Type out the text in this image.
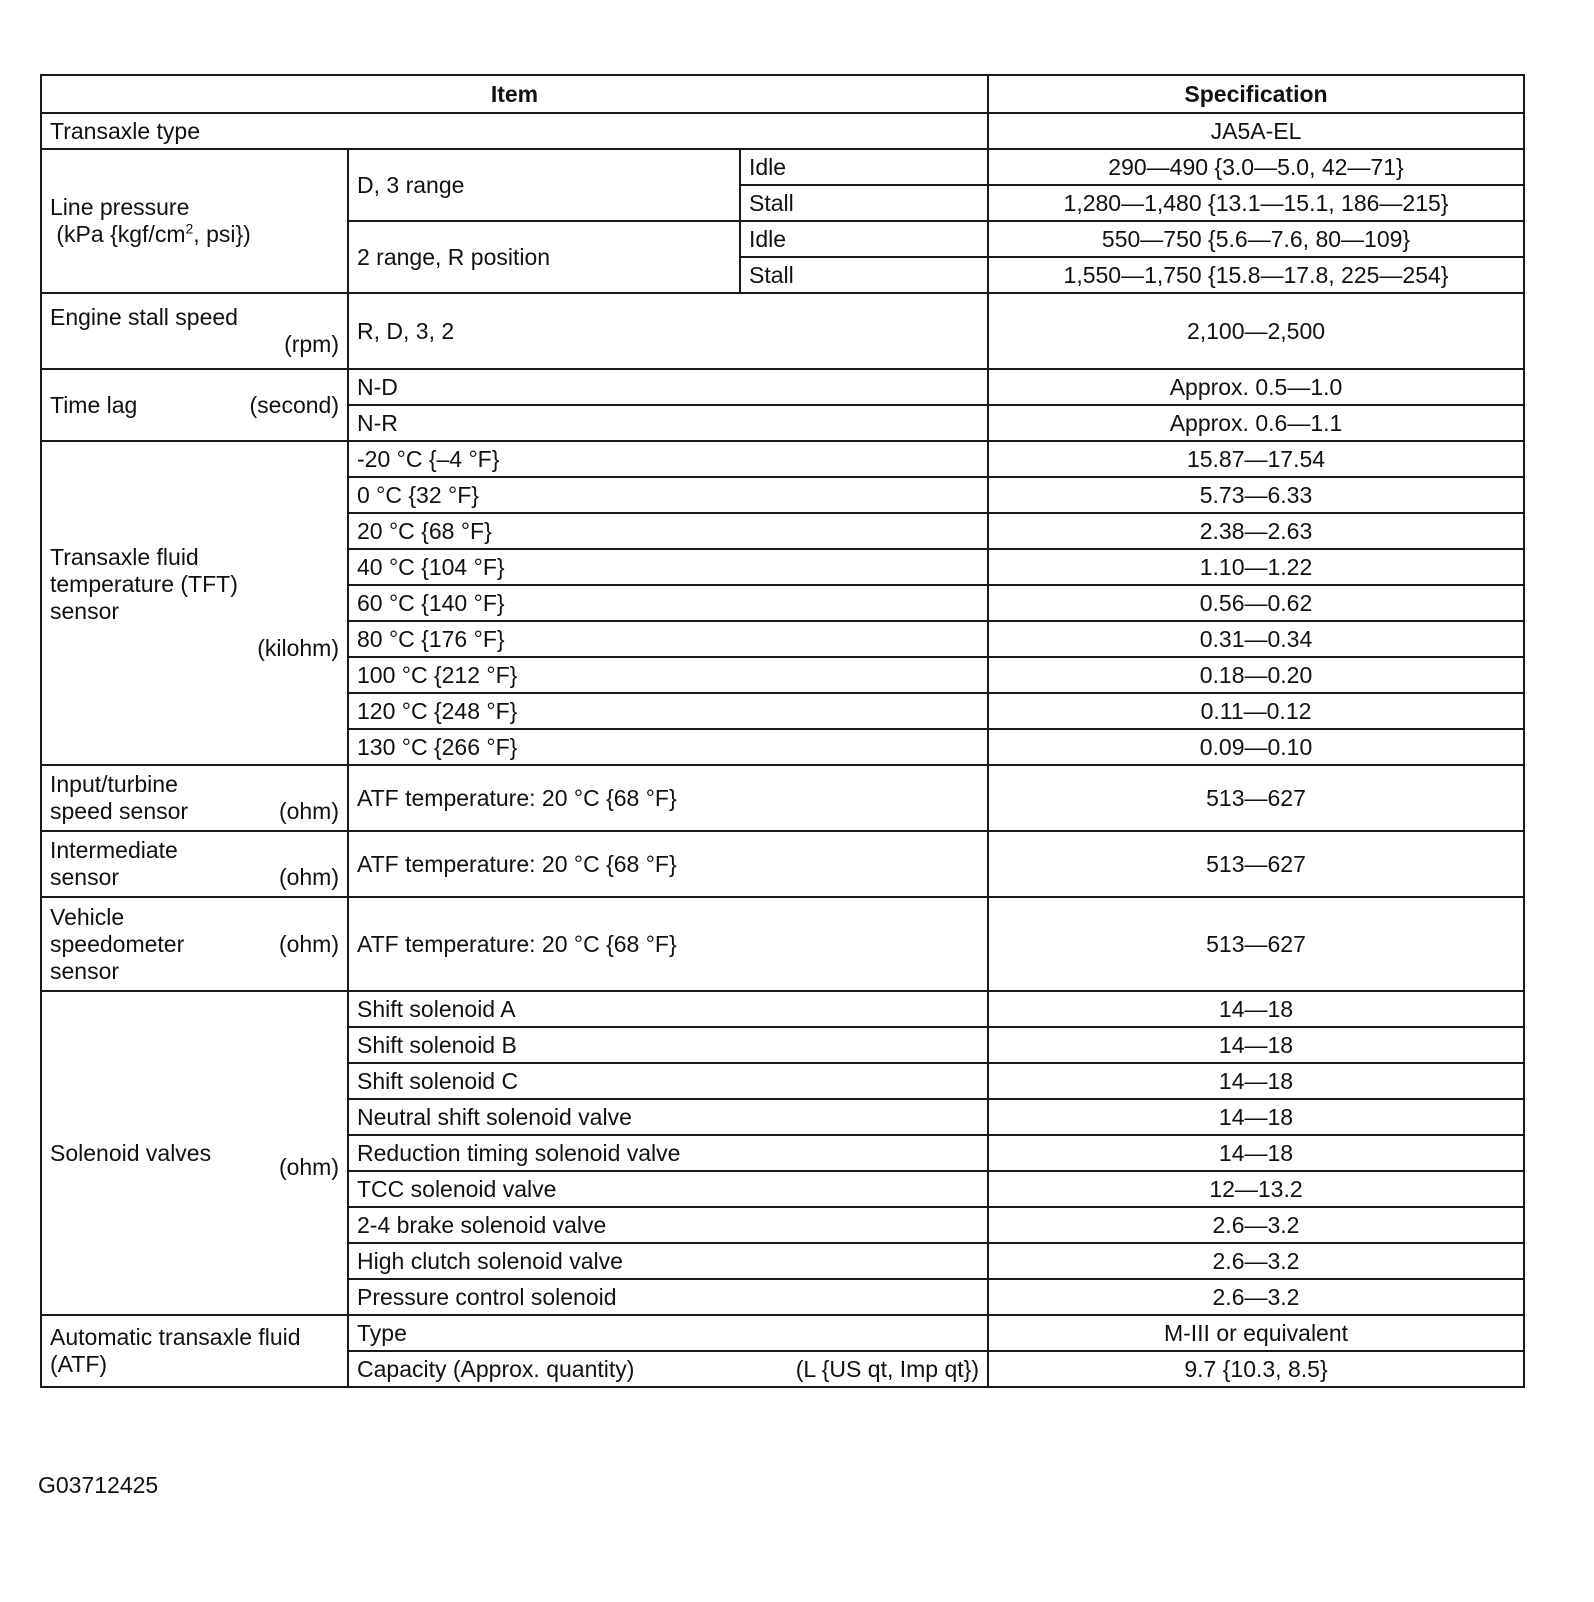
Item			Specification
Transaxle type			JA5A-EL

Line pressure
(kPa {$kgf/cm^2$, psi})	D, 3 range	Idle	290—490 {3.0—5.0, 42—71}
		Stall	1,280—1,480 {13.1—15.1, 186—215}
	2 range, R position	Idle	550—750 {5.6—7.6, 80—109}
		Stall	1,550—1,750 {15.8—17.8, 225—254}

Engine stall speed
(rpm)	R, D, 3, 2		2,100—2,500

Time lag (second)	N-D		Approx. 0.5—1.0
	N-R		Approx. 0.6—1.1

Transaxle fluid
temperature (TFT)
sensor
(kilohm)	-20 °C {–4 °F}		15.87—17.54
	0 °C {32 °F}		5.73—6.33
	20 °C {68 °F}		2.38—2.63
	40 °C {104 °F}		1.10—1.22
	60 °C {140 °F}		0.56—0.62
	80 °C {176 °F}		0.31—0.34
	100 °C {212 °F}		0.18—0.20
	120 °C {248 °F}		0.11—0.12
	130 °C {266 °F}		0.09—0.10

Input/turbine
speed sensor (ohm)	ATF temperature: 20 °C {68 °F}		513—627

Intermediate
sensor (ohm)	ATF temperature: 20 °C {68 °F}		513—627

Vehicle
speedometer (ohm)
sensor	ATF temperature: 20 °C {68 °F}		513—627

Solenoid valves
(ohm)	Shift solenoid A		14—18
	Shift solenoid B		14—18
	Shift solenoid C		14—18
	Neutral shift solenoid valve		14—18
	Reduction timing solenoid valve		14—18
	TCC solenoid valve		12—13.2
	2-4 brake solenoid valve		2.6—3.2
	High clutch solenoid valve		2.6—3.2
	Pressure control solenoid		2.6—3.2

Automatic transaxle fluid
(ATF)	Type		M-III or equivalent

	Capacity (Approx. quantity) (L {US qt, Imp qt})		9.7 {10.3, 8.5}
G03712425
